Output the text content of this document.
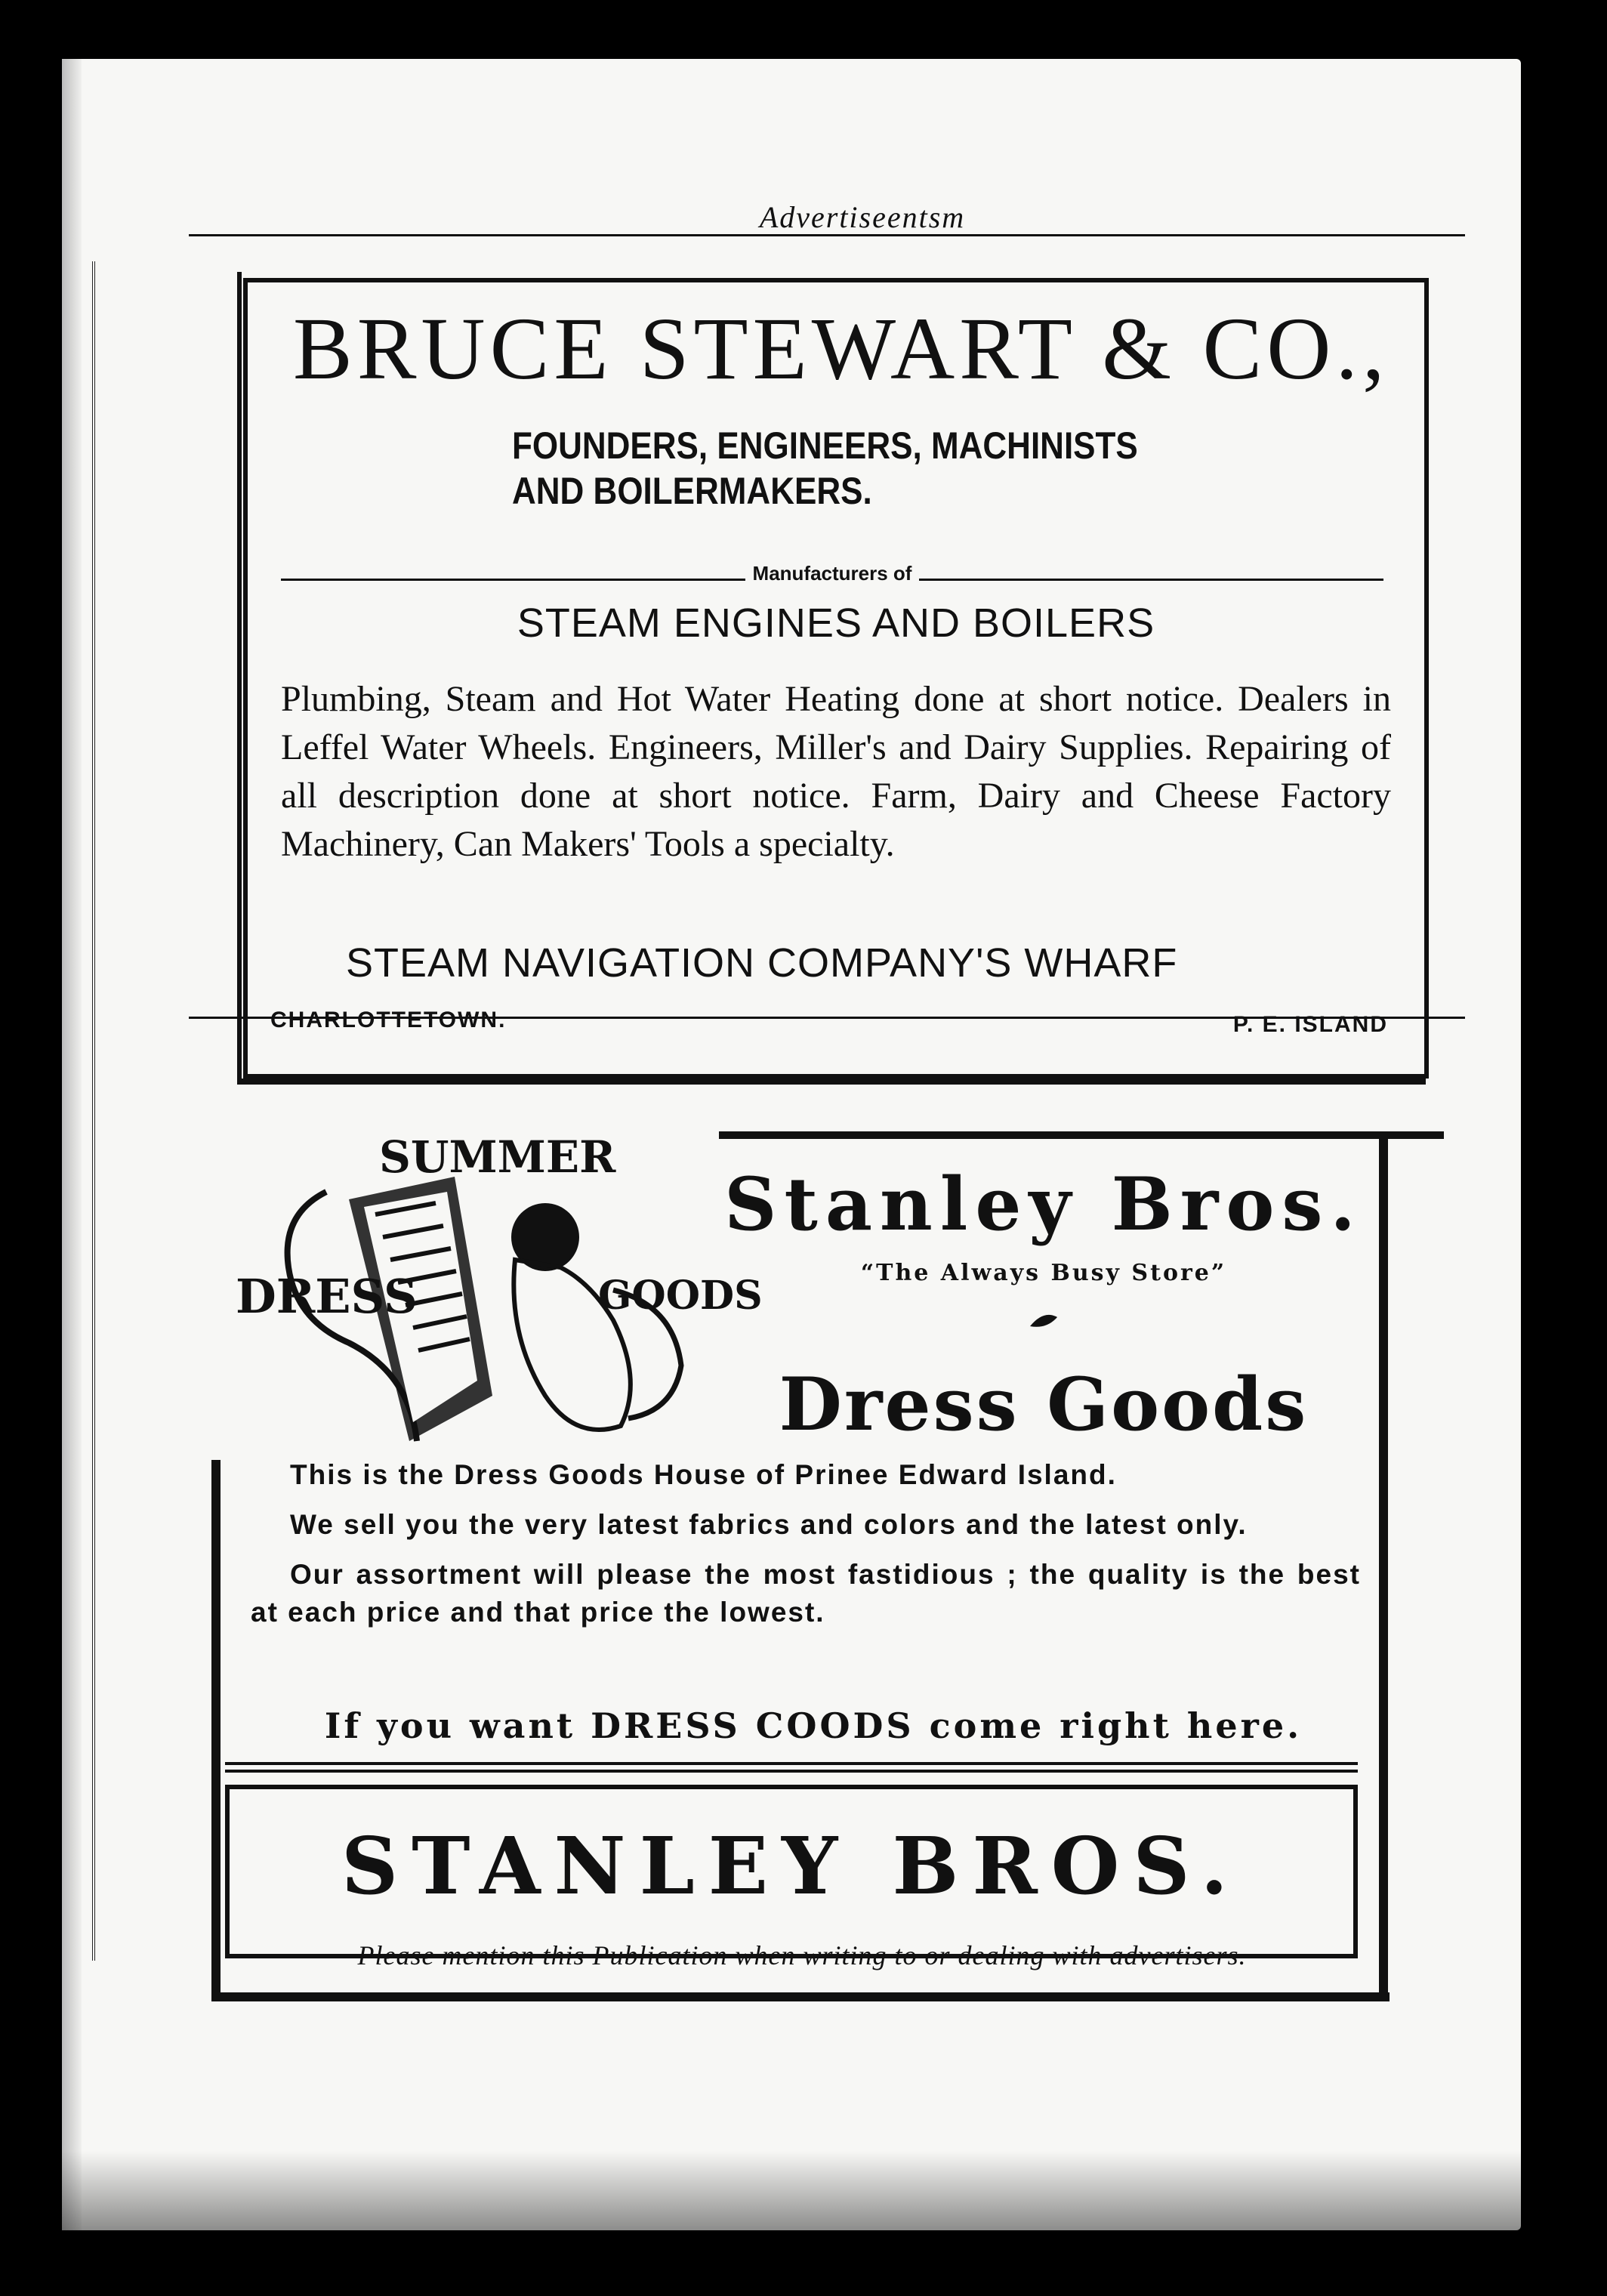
Advertiseentsm
BRUCE STEWART & CO.,
FOUNDERS, ENGINEERS, MACHINISTS
AND BOILERMAKERS.
Manufacturers of
STEAM ENGINES AND BOILERS
Plumbing, Steam and Hot Water Heating done at short notice. Dealers in Leffel Water Wheels. Engineers, Miller's and Dairy Supplies. Repairing of all description done at short notice. Farm, Dairy and Cheese Factory Machinery, Can Makers' Tools a specialty.
STEAM NAVIGATION COMPANY'S WHARF
CHARLOTTETOWN.	P. E. ISLAND
SUMMER
DRESS	GOODS
Stanley Bros.
“The Always Busy Store”
Dress Goods

This is the Dress Goods House of Prinee Edward Island.

We sell you the very latest fabrics and colors and the latest only.

Our assortment will please the most fastidious ; the quality is the best at each price and that price the lowest.

If you want DRESS COODS come right here.
STANLEY BROS.
Please mention this Publication when writing to or dealing with advertisers.
